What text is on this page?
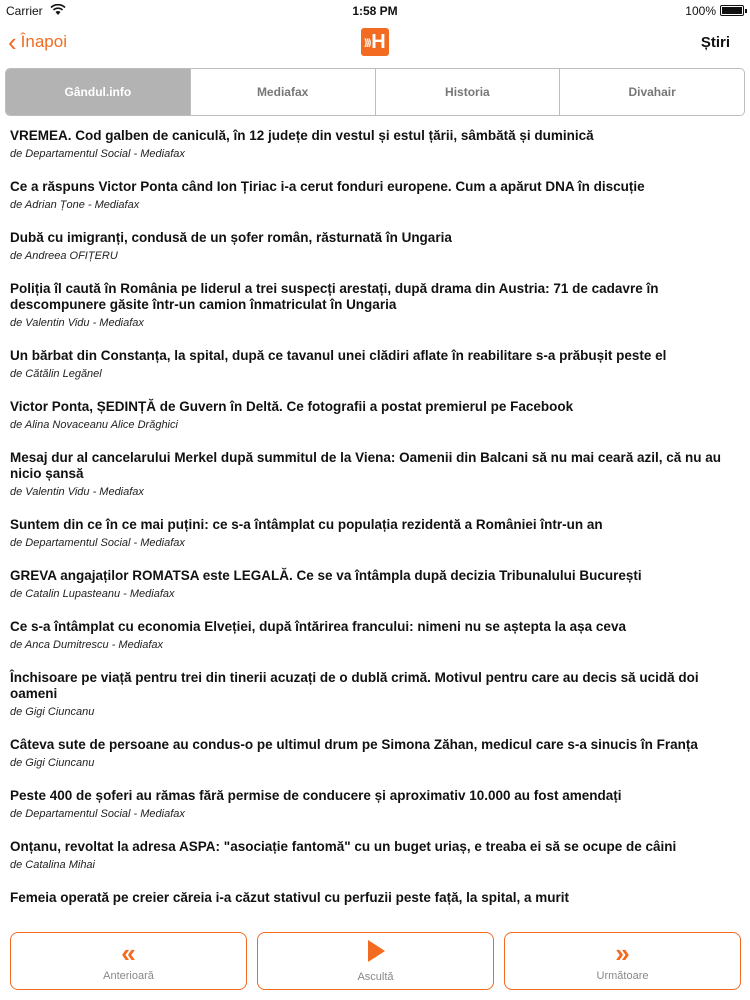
Carrier	1:58 PM	100%
‹ Înapoi	))) H	Știri
Gândul.info	Mediafax	Historia	Divahair
VREMEA. Cod galben de caniculă, în 12 județe din vestul și estul țării, sâmbătă și duminică
de Departamentul Social - Mediafax
Ce a răspuns Victor Ponta când Ion Țiriac i-a cerut fonduri europene. Cum a apărut DNA în discuție
de Adrian Țone - Mediafax
Dubă cu imigranți, condusă de un șofer român, răsturnată în Ungaria
de Andreea OFIȚERU
Poliția îl caută în România pe liderul a trei suspecți arestați, după drama din Austria: 71 de cadavre în descompunere găsite într-un camion înmatriculat în Ungaria
de Valentin Vidu - Mediafax
Un bărbat din Constanța, la spital, după ce tavanul unei clădiri aflate în reabilitare s-a prăbușit peste el
de Cătălin Legănel
Victor Ponta, ȘEDINȚĂ de Guvern în Deltă. Ce fotografii a postat premierul pe Facebook
de Alina Novaceanu Alice Drăghici
Mesaj dur al cancelarului Merkel după summitul de la Viena: Oamenii din Balcani să nu mai ceară azil, că nu au nicio șansă
de Valentin Vidu - Mediafax
Suntem din ce în ce mai puțini: ce s-a întâmplat cu populația rezidentă a României într-un an
de Departamentul Social - Mediafax
GREVA angajaților ROMATSA este LEGALĂ. Ce se va întâmpla după decizia Tribunalului București
de Catalin Lupasteanu - Mediafax
Ce s-a întâmplat cu economia Elveției, după întărirea francului: nimeni nu se aștepta la așa ceva
de Anca Dumitrescu - Mediafax
Închisoare pe viață pentru trei din tinerii acuzați de o dublă crimă. Motivul pentru care au decis să ucidă doi oameni
de Gigi Ciuncanu
Câteva sute de persoane au condus-o pe ultimul drum pe Simona Zăhan, medicul care s-a sinucis în Franța
de Gigi Ciuncanu
Peste 400 de șoferi au rămas fără permise de conducere și aproximativ 10.000 au fost amendați
de Departamentul Social - Mediafax
Onțanu, revoltat la adresa ASPA: "asociație fantomă" cu un buget uriaș, e treaba ei să se ocupe de câini
de Catalina Mihai
Femeia operată pe creier căreia i-a căzut stativul cu perfuzii peste față, la spital, a murit
«
Anterioară	Ascultă
»
Următoare
